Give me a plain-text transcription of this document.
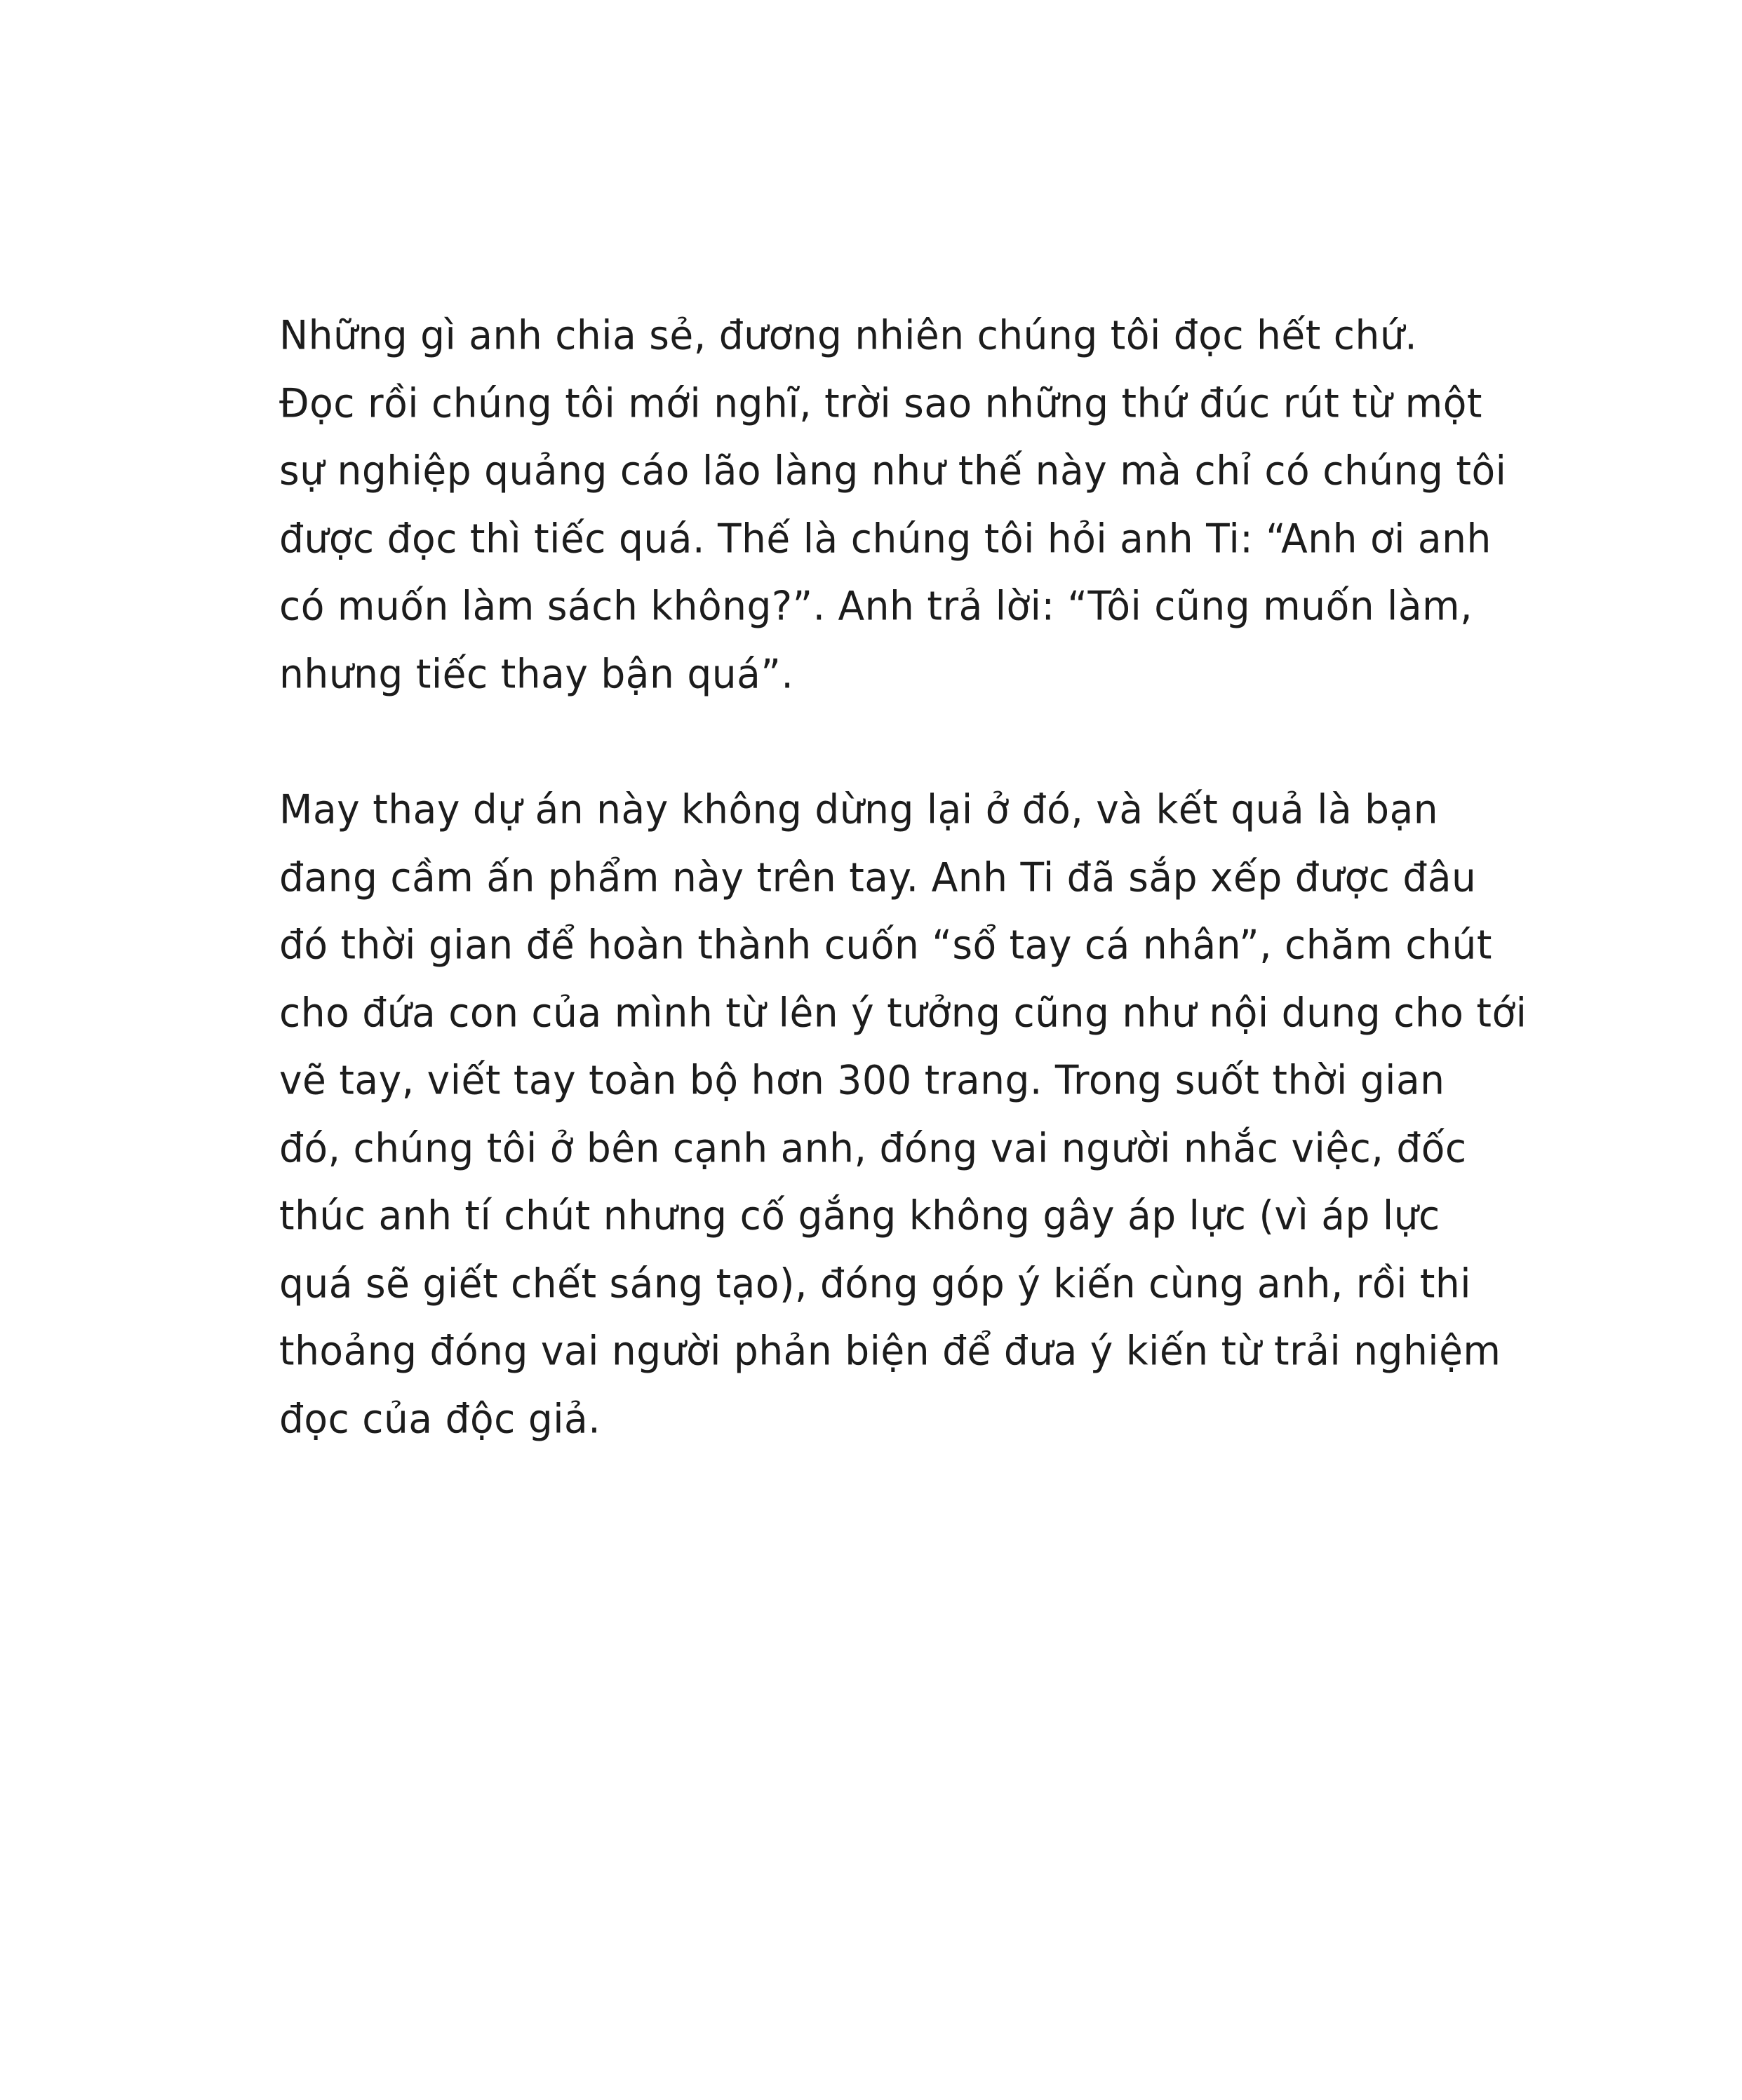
Những gì anh chia sẻ, đương nhiên chúng tôi đọc hết chứ.
Đọc rồi chúng tôi mới nghĩ, trời sao những thứ đúc rút từ một
sự nghiệp quảng cáo lão làng như thế này mà chỉ có chúng tôi
được đọc thì tiếc quá. Thế là chúng tôi hỏi anh Ti: “Anh ơi anh
có muốn làm sách không?”. Anh trả lời: “Tôi cũng muốn làm,
nhưng tiếc thay bận quá”.
May thay dự án này không dừng lại ở đó, và kết quả là bạn
đang cầm ấn phẩm này trên tay. Anh Ti đã sắp xếp được đâu
đó thời gian để hoàn thành cuốn “sổ tay cá nhân”, chăm chút
cho đứa con của mình từ lên ý tưởng cũng như nội dung cho tới
vẽ tay, viết tay toàn bộ hơn 300 trang. Trong suốt thời gian
đó, chúng tôi ở bên cạnh anh, đóng vai người nhắc việc, đốc
thúc anh tí chút nhưng cố gắng không gây áp lực (vì áp lực
quá sẽ giết chết sáng tạo), đóng góp ý kiến cùng anh, rồi thi
thoảng đóng vai người phản biện để đưa ý kiến từ trải nghiệm
đọc của độc giả.
